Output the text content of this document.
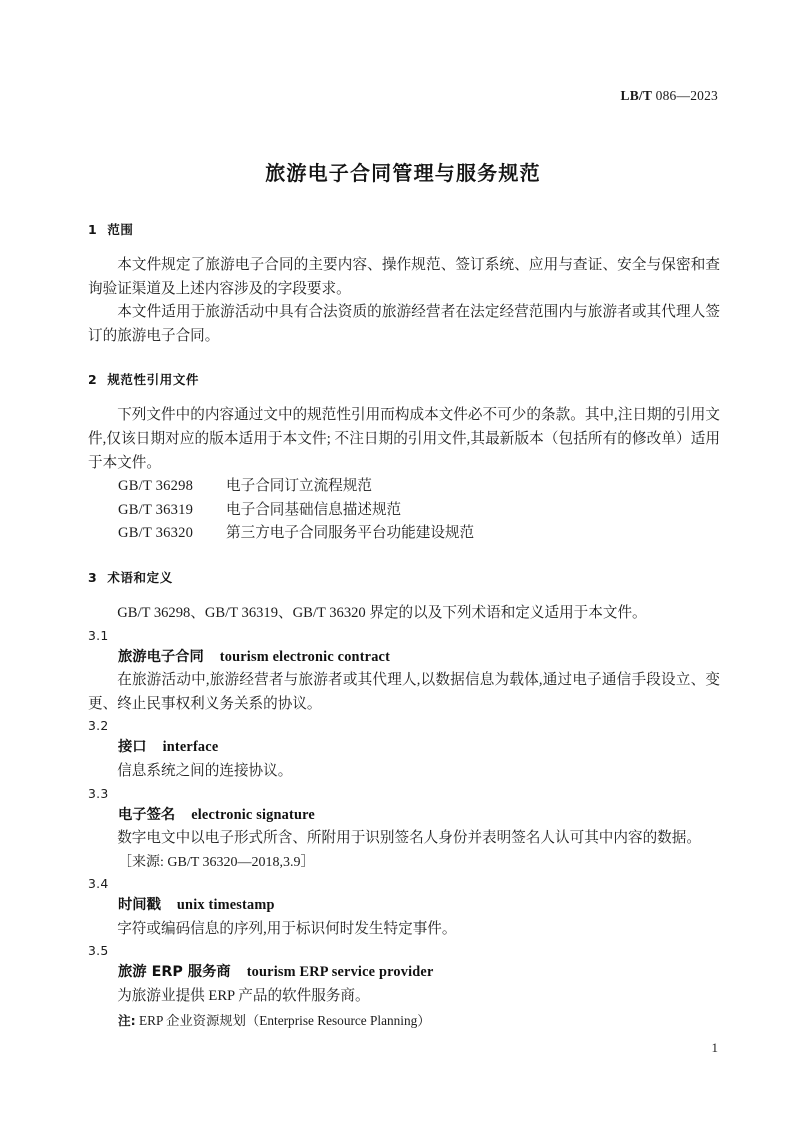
LB/T 086—2023
旅游电子合同管理与服务规范
1 范围

本文件规定了旅游电子合同的主要内容、操作规范、签订系统、应用与查证、安全与保密和查询验证渠道及上述内容涉及的字段要求。

本文件适用于旅游活动中具有合法资质的旅游经营者在法定经营范围内与旅游者或其代理人签订的旅游电子合同。

2 规范性引用文件

下列文件中的内容通过文中的规范性引用而构成本文件必不可少的条款。其中,注日期的引用文件,仅该日期对应的版本适用于本文件; 不注日期的引用文件,其最新版本（包括所有的修改单）适用于本文件。

GB/T 36298 电子合同订立流程规范
GB/T 36319 电子合同基础信息描述规范
GB/T 36320 第三方电子合同服务平台功能建设规范
3 术语和定义

GB/T 36298、GB/T 36319、GB/T 36320 界定的以及下列术语和定义适用于本文件。

3.1
旅游电子合同 tourism electronic contract
在旅游活动中,旅游经营者与旅游者或其代理人,以数据信息为载体,通过电子通信手段设立、变更、终止民事权利义务关系的协议。
3.2
接口 interface
信息系统之间的连接协议。
3.3
电子签名 electronic signature
数字电文中以电子形式所含、所附用于识别签名人身份并表明签名人认可其中内容的数据。
［来源: GB/T 36320—2018,3.9］
3.4
时间戳 unix timestamp
字符或编码信息的序列,用于标识何时发生特定事件。
3.5
旅游 ERP 服务商 tourism ERP service provider
为旅游业提供 ERP 产品的软件服务商。
注: ERP 企业资源规划（Enterprise Resource Planning）
1
